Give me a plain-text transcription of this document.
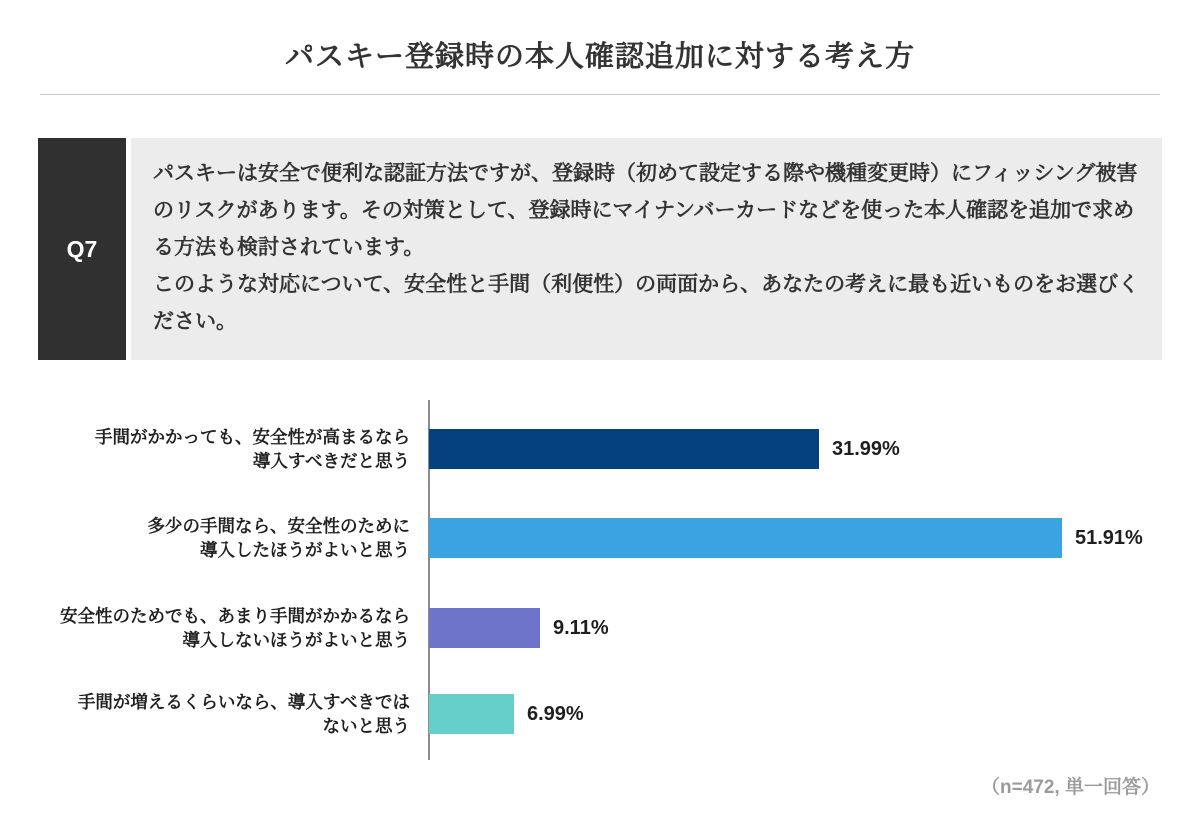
パスキー登録時の本人確認追加に対する考え方
Q7

パスキーは安全で便利な認証方法ですが、登録時（初めて設定する際や機種変更時）にフィッシング被害のリスクがあります。その対策として、登録時にマイナンバーカードなどを使った本人確認を追加で求める方法も検討されています。

このような対応について、安全性と手間（利便性）の両面から、あなたの考えに最も近いものをお選びください。

手間がかかっても、安全性が高まるなら
導入すべきだと思う
31.99%
多少の手間なら、安全性のために
導入したほうがよいと思う
51.91%
安全性のためでも、あまり手間がかかるなら
導入しないほうがよいと思う
9.11%
手間が増えるくらいなら、導入すべきでは
ないと思う
6.99%
（n=472, 単一回答）
